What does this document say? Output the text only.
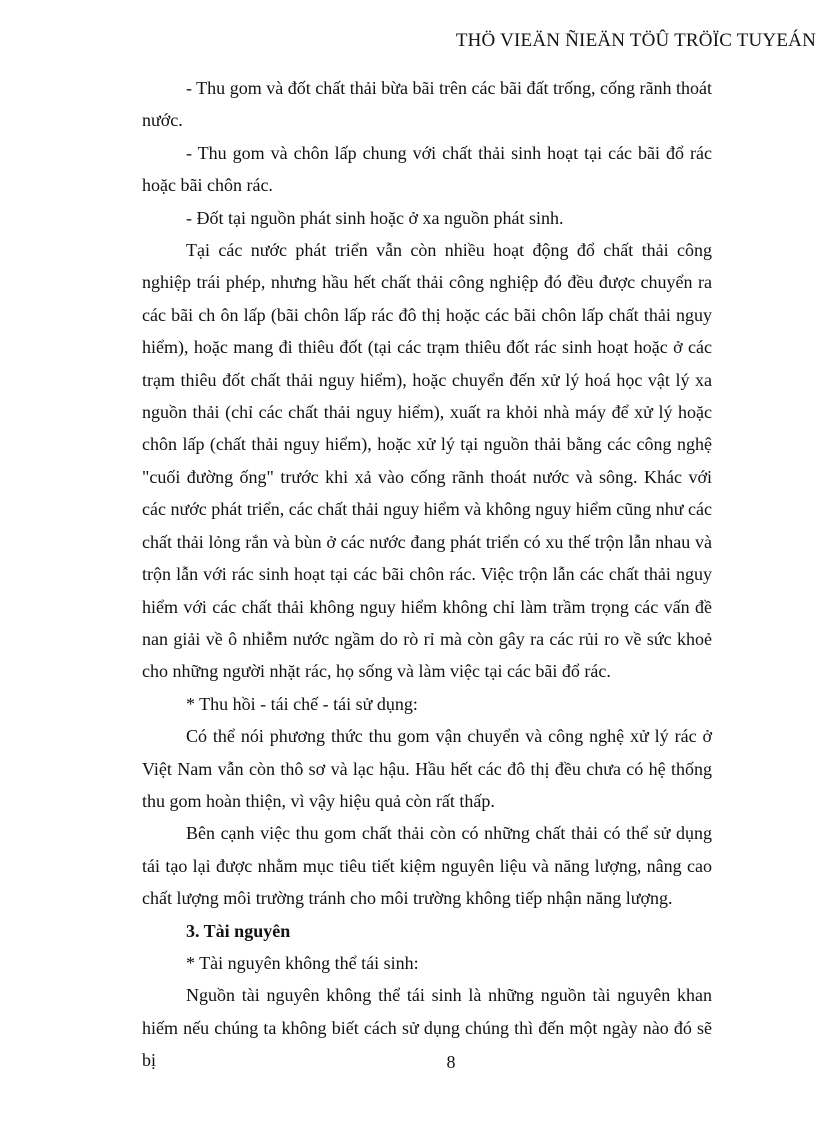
THÖ VIEÄN ÑIEÄN TÖÛ TRÖÏC TUYEÁN

- Thu gom và đốt chất thải bừa bãi trên các bãi đất trống, cống rãnh thoát nước.

- Thu gom và chôn lấp chung với chất thải sinh hoạt tại các bãi đổ rác hoặc bãi chôn rác.

- Đốt tại nguồn phát sinh hoặc ở xa nguồn phát sinh.

Tại các nước phát triển vẫn còn nhiều hoạt động đổ chất thải công nghiệp trái phép, nhưng hầu hết chất thải công nghiệp đó đều được chuyển ra các bãi ch ôn lấp (bãi chôn lấp rác đô thị hoặc các bãi chôn lấp chất thải nguy hiểm), hoặc mang đi thiêu đốt (tại các trạm thiêu đốt rác sinh hoạt hoặc ở các trạm thiêu đốt chất thải nguy hiểm), hoặc chuyển đến xử lý hoá học vật lý xa nguồn thải (chỉ các chất thải nguy hiểm), xuất ra khỏi nhà máy để xử lý hoặc chôn lấp (chất thải nguy hiểm), hoặc xử lý tại nguồn thải bằng các công nghệ "cuối đường ống" trước khi xả vào cống rãnh thoát nước và sông. Khác với các nước phát triển, các chất thải nguy hiểm và không nguy hiểm cũng như các chất thải lỏng rắn và bùn ở các nước đang phát triển có xu thế trộn lẫn nhau và trộn lẫn với rác sinh hoạt tại các bãi chôn rác. Việc trộn lẫn các chất thải nguy hiểm với các chất thải không nguy hiểm không chỉ làm trầm trọng các vấn đề nan giải về ô nhiễm nước ngầm do rò rỉ mà còn gây ra các rủi ro về sức khoẻ cho những người nhặt rác, họ sống và làm việc tại các bãi đổ rác.

* Thu hồi - tái chế - tái sử dụng:

Có thể nói phương thức thu gom vận chuyển và công nghệ xử lý rác ở Việt Nam vẫn còn thô sơ và lạc hậu. Hầu hết các đô thị đều chưa có hệ thống thu gom hoàn thiện, vì vậy hiệu quả còn rất thấp.

Bên cạnh việc thu gom chất thải còn có những chất thải có thể sử dụng tái tạo lại được nhằm mục tiêu tiết kiệm nguyên liệu và năng lượng, nâng cao chất lượng môi trường tránh cho môi trường không tiếp nhận năng lượng.

3. Tài nguyên

* Tài nguyên không thể tái sinh:

Nguồn tài nguyên không thể tái sinh là những nguồn tài nguyên khan hiếm nếu chúng ta không biết cách sử dụng chúng thì đến một ngày nào đó sẽ bị	8
